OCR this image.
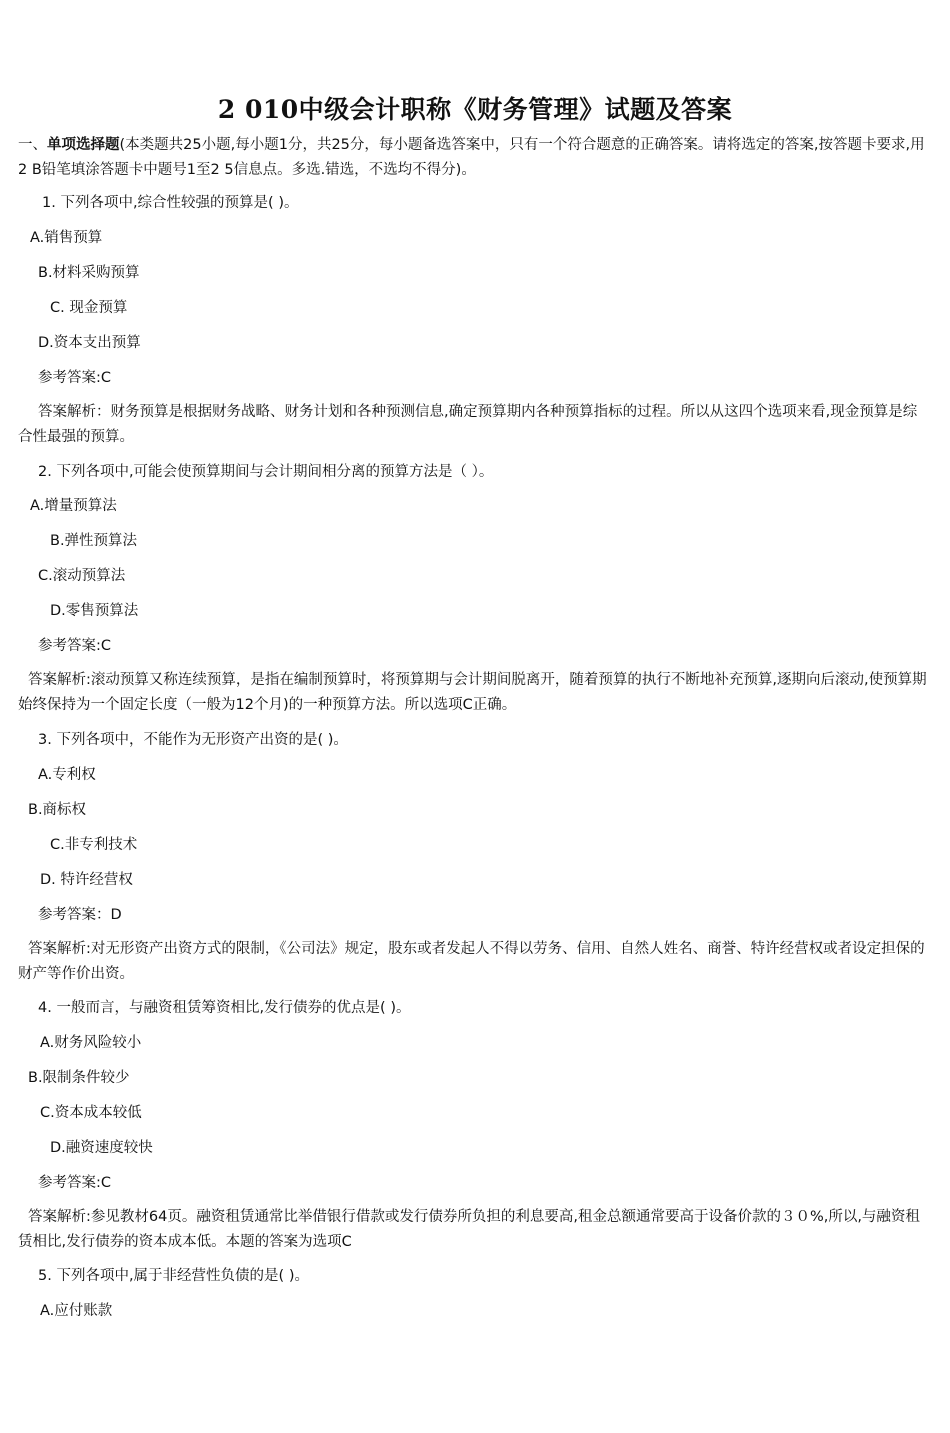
2 010中级会计职称《财务管理》试题及答案
一、单项选择题(本类题共25小题,每小题1分，共25分，每小题备选答案中，只有一个符合题意的正确答案。请将选定的答案,按答题卡要求,用2 B铅笔填涂答题卡中题号1至2 5信息点。多选.错选，不选均不得分)。
1. 下列各项中,综合性较强的预算是( )。
A.销售预算
B.材料采购预算
C. 现金预算
D.资本支出预算
参考答案:C
答案解析：财务预算是根据财务战略、财务计划和各种预测信息,确定预算期内各种预算指标的过程。所以从这四个选项来看,现金预算是综合性最强的预算。
2. 下列各项中,可能会使预算期间与会计期间相分离的预算方法是（ ）。
A.增量预算法
B.弹性预算法
C.滚动预算法
D.零售预算法
参考答案:C
答案解析:滚动预算又称连续预算，是指在编制预算时，将预算期与会计期间脱离开，随着预算的执行不断地补充预算,逐期向后滚动,使预算期始终保持为一个固定长度（一般为12个月)的一种预算方法。所以选项C正确。
3. 下列各项中，不能作为无形资产出资的是( )。
A.专利权
B.商标权
C.非专利技术
D. 特许经营权
参考答案：D
答案解析:对无形资产出资方式的限制，《公司法》规定，股东或者发起人不得以劳务、信用、自然人姓名、商誉、特许经营权或者设定担保的财产等作价出资。
4. 一般而言，与融资租赁筹资相比,发行债券的优点是( )。
A.财务风险较小
B.限制条件较少
C.资本成本较低
D.融资速度较快
参考答案:C
答案解析:参见教材64页。融资租赁通常比举借银行借款或发行债券所负担的利息要高,租金总额通常要高于设备价款的３０%,所以,与融资租赁相比,发行债券的资本成本低。本题的答案为选项C
5. 下列各项中,属于非经营性负债的是( )。
A.应付账款
